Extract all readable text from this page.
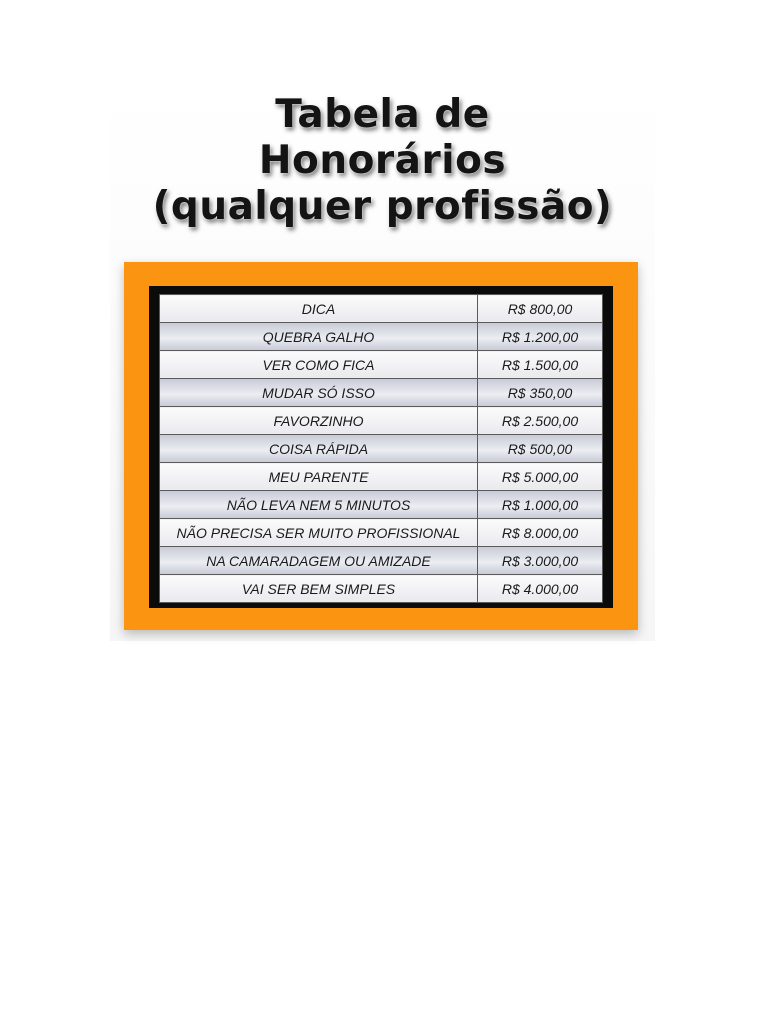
Tabela de
Honorários
(qualquer profissão)
DICA	R$ 800,00
QUEBRA GALHO	R$ 1.200,00
VER COMO FICA	R$ 1.500,00
MUDAR SÓ ISSO	R$ 350,00
FAVORZINHO	R$ 2.500,00
COISA RÁPIDA	R$ 500,00
MEU PARENTE	R$ 5.000,00
NÃO LEVA NEM 5 MINUTOS	R$ 1.000,00
NÃO PRECISA SER MUITO PROFISSIONAL	R$ 8.000,00
NA CAMARADAGEM OU AMIZADE	R$ 3.000,00
VAI SER BEM SIMPLES	R$ 4.000,00
